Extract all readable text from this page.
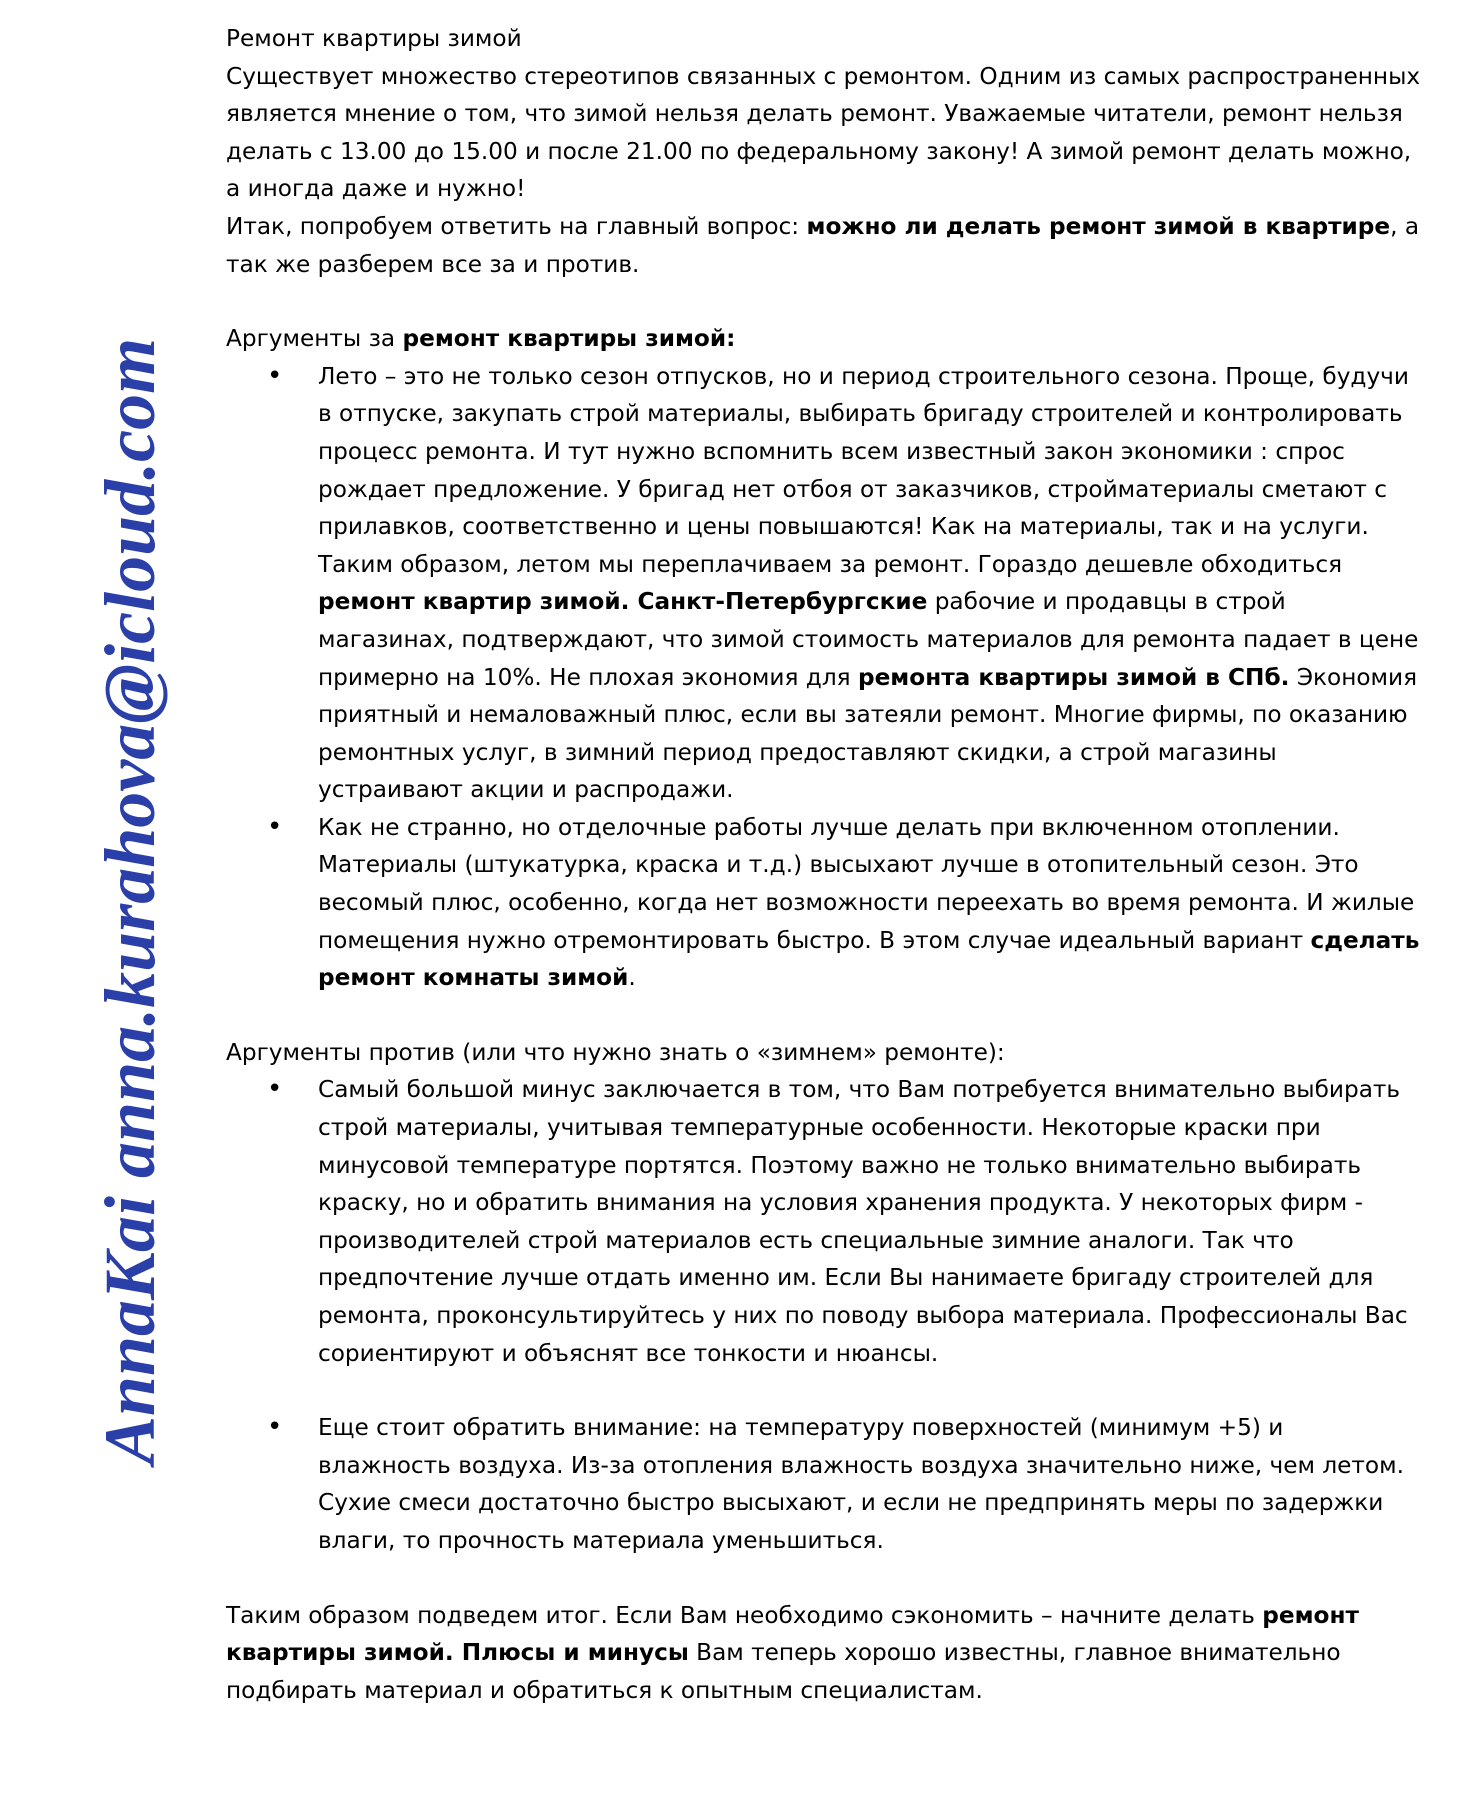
AnnaKai anna.kurahova@icloud.com

Ремонт квартиры зимой

Существует множество стереотипов связанных с ремонтом. Одним из самых распространенных является мнение о том, что зимой нельзя делать ремонт. Уважаемые читатели, ремонт нельзя делать с 13.00 до 15.00 и после 21.00 по федеральному закону! А зимой ремонт делать можно, а иногда даже и нужно!

Итак, попробуем ответить на главный вопрос: можно ли делать ремонт зимой в квартире, а так же разберем все за и против.

Аргументы за ремонт квартиры зимой:

• Лето – это не только сезон отпусков, но и период строительного сезона. Проще, будучи в отпуске, закупать строй материалы, выбирать бригаду строителей и контролировать процесс ремонта. И тут нужно вспомнить всем известный закон экономики : спрос рождает предложение. У бригад нет отбоя от заказчиков, стройматериалы сметают с прилавков, соответственно и цены повышаются! Как на материалы, так и на услуги. Таким образом, летом мы переплачиваем за ремонт. Гораздо дешевле обходиться ремонт квартир зимой. Санкт-Петербургские рабочие и продавцы в строй магазинах, подтверждают, что зимой стоимость материалов для ремонта падает в цене примерно на 10%. Не плохая экономия для ремонта квартиры зимой в СПб. Экономия приятный и немаловажный плюс, если вы затеяли ремонт. Многие фирмы, по оказанию ремонтных услуг, в зимний период предоставляют скидки, а строй магазины устраивают акции и распродажи.
• Как не странно, но отделочные работы лучше делать при включенном отоплении. Материалы (штукатурка, краска и т.д.) высыхают лучше в отопительный сезон. Это весомый плюс, особенно, когда нет возможности переехать во время ремонта. И жилые помещения нужно отремонтировать быстро. В этом случае идеальный вариант сделать ремонт комнаты зимой.

Аргументы против (или что нужно знать о «зимнем» ремонте):

• Самый большой минус заключается в том, что Вам потребуется внимательно выбирать строй материалы, учитывая температурные особенности. Некоторые краски при минусовой температуре портятся. Поэтому важно не только внимательно выбирать краску, но и обратить внимания на условия хранения продукта. У некоторых фирм - производителей строй материалов есть специальные зимние аналоги. Так что предпочтение лучше отдать именно им. Если Вы нанимаете бригаду строителей для ремонта, проконсультируйтесь у них по поводу выбора материала. Профессионалы Вас сориентируют и объяснят все тонкости и нюансы.
• Еще стоит обратить внимание: на температуру поверхностей (минимум +5) и влажность воздуха. Из-за отопления влажность воздуха значительно ниже, чем летом. Сухие смеси достаточно быстро высыхают, и если не предпринять меры по задержки влаги, то прочность материала уменьшиться.

Таким образом подведем итог. Если Вам необходимо сэкономить – начните делать ремонт квартиры зимой. Плюсы и минусы Вам теперь хорошо известны, главное внимательно подбирать материал и обратиться к опытным специалистам.
